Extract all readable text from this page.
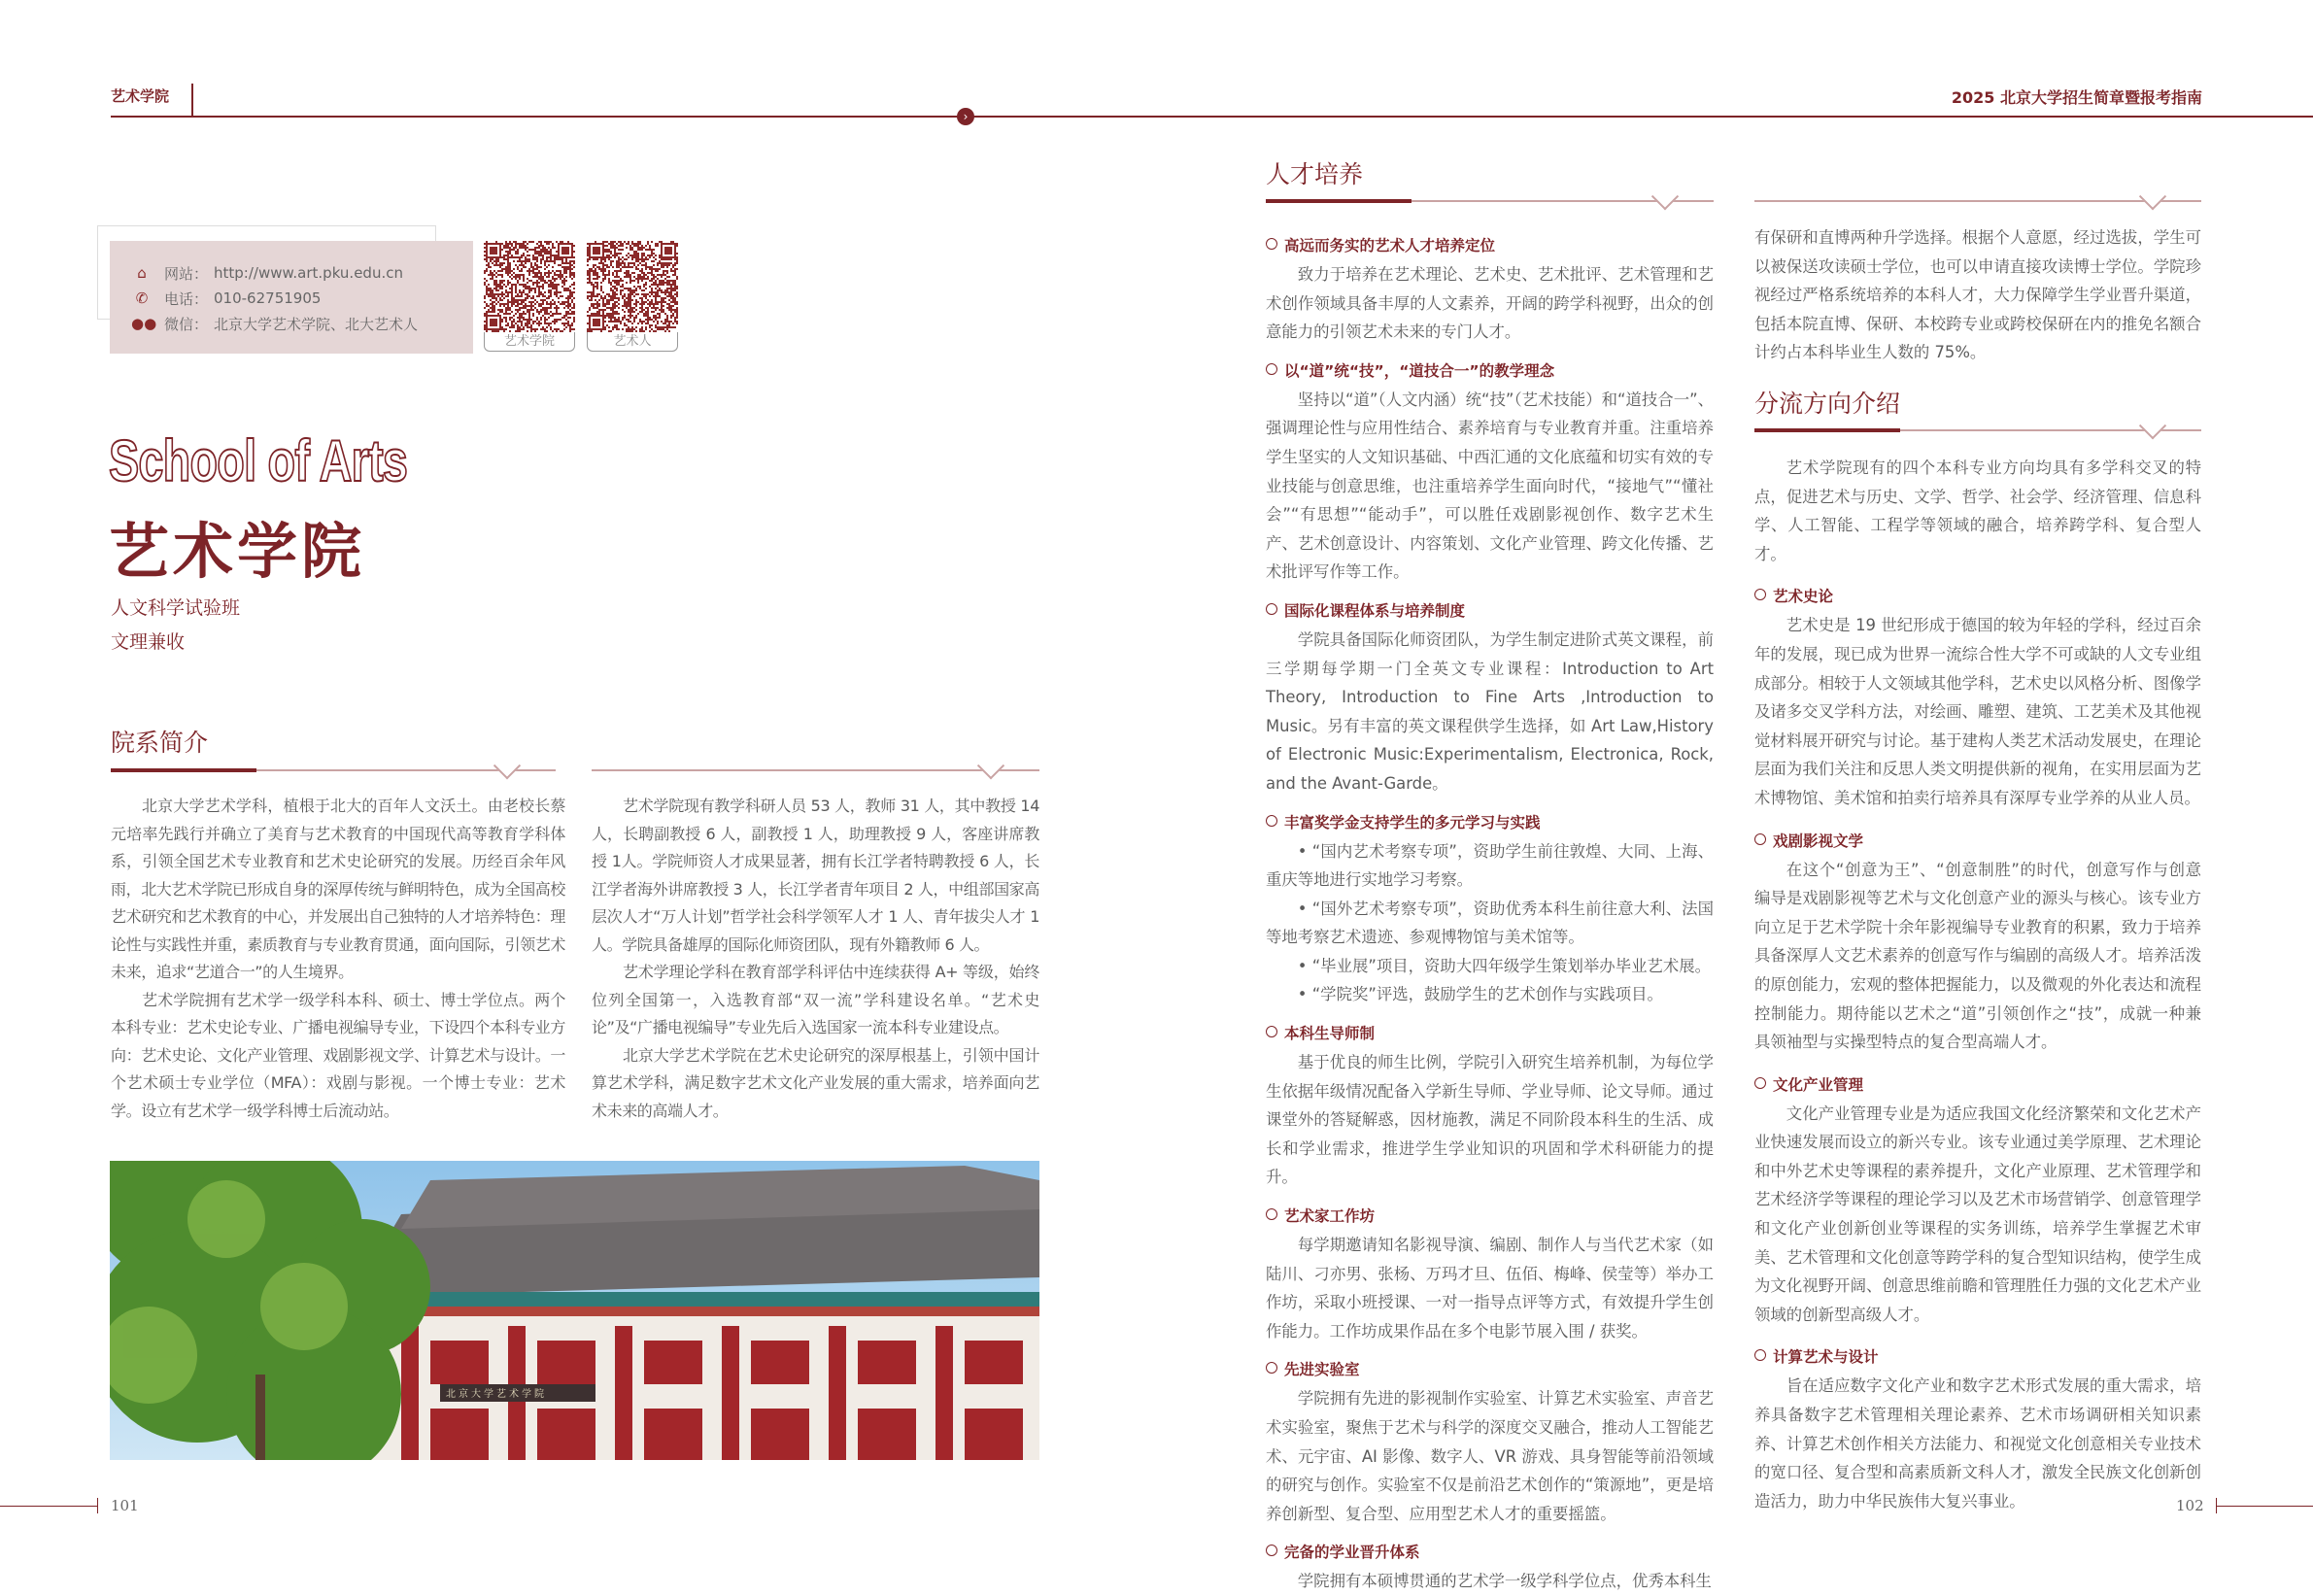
艺术学院
›
2025 北京大学招生简章暨报考指南
⌂	网站： http://www.art.pku.edu.cn
✆	电话： 010-62751905
●● 微信： 北京大学艺术学院、北大艺术人
艺术学院	艺术人
School of Arts
艺术学院
人文科学试验班
文理兼收
院系简介

北京大学艺术学科，植根于北大的百年人文沃土。由老校长蔡元培率先践行并确立了美育与艺术教育的中国现代高等教育学科体系，引领全国艺术专业教育和艺术史论研究的发展。历经百余年风雨，北大艺术学院已形成自身的深厚传统与鲜明特色，成为全国高校艺术研究和艺术教育的中心，并发展出自己独特的人才培养特色：理论性与实践性并重，素质教育与专业教育贯通，面向国际，引领艺术未来，追求“艺道合一”的人生境界。

艺术学院拥有艺术学一级学科本科、硕士、博士学位点。两个本科专业：艺术史论专业、广播电视编导专业，下设四个本科专业方向：艺术史论、文化产业管理、戏剧影视文学、计算艺术与设计。一个艺术硕士专业学位（MFA）：戏剧与影视。一个博士专业：艺术学。设立有艺术学一级学科博士后流动站。

艺术学院现有教学科研人员 53 人，教师 31 人，其中教授 14 人，长聘副教授 6 人，副教授 1 人，助理教授 9 人，客座讲席教授 1人。学院师资人才成果显著，拥有长江学者特聘教授 6 人，长江学者海外讲席教授 3 人，长江学者青年项目 2 人，中组部国家高层次人才“万人计划”哲学社会科学领军人才 1 人、青年拔尖人才 1 人。学院具备雄厚的国际化师资团队，现有外籍教师 6 人。

艺术学理论学科在教育部学科评估中连续获得 A+ 等级，始终位列全国第一，入选教育部“双一流”学科建设名单。“艺术史论”及“广播电视编导”专业先后入选国家一流本科专业建设点。

北京大学艺术学院在艺术史论研究的深厚根基上，引领中国计算艺术学科，满足数字艺术文化产业发展的重大需求，培养面向艺术未来的高端人才。

北京大学艺术学院
人才培养
高远而务实的艺术人才培养定位

致力于培养在艺术理论、艺术史、艺术批评、艺术管理和艺术创作领域具备丰厚的人文素养，开阔的跨学科视野，出众的创意能力的引领艺术未来的专门人才。

以“道”统“技”，“道技合一”的教学理念

坚持以“道”（人文内涵）统“技”（艺术技能）和“道技合一”、强调理论性与应用性结合、素养培育与专业教育并重。注重培养学生坚实的人文知识基础、中西汇通的文化底蕴和切实有效的专业技能与创意思维，也注重培养学生面向时代，“接地气”“懂社会”“有思想”“能动手”，可以胜任戏剧影视创作、数字艺术生产、艺术创意设计、内容策划、文化产业管理、跨文化传播、艺术批评写作等工作。

国际化课程体系与培养制度

学院具备国际化师资团队，为学生制定进阶式英文课程，前三学期每学期一门全英文专业课程：Introduction to Art Theory, Introduction to Fine Arts ,Introduction to Music。另有丰富的英文课程供学生选择，如 Art Law,History of Electronic Music:Experimentalism, Electronica, Rock, and the Avant-Garde。

丰富奖学金支持学生的多元学习与实践

• “国内艺术考察专项”，资助学生前往敦煌、大同、上海、重庆等地进行实地学习考察。

• “国外艺术考察专项”，资助优秀本科生前往意大利、法国等地考察艺术遗迹、参观博物馆与美术馆等。

• “毕业展”项目，资助大四年级学生策划举办毕业艺术展。

• “学院奖”评选，鼓励学生的艺术创作与实践项目。

本科生导师制

基于优良的师生比例，学院引入研究生培养机制，为每位学生依据年级情况配备入学新生导师、学业导师、论文导师。通过课堂外的答疑解惑，因材施教，满足不同阶段本科生的生活、成长和学业需求，推进学生学业知识的巩固和学术科研能力的提升。

艺术家工作坊

每学期邀请知名影视导演、编剧、制作人与当代艺术家（如陆川、刁亦男、张杨、万玛才旦、伍佰、梅峰、侯莹等）举办工作坊，采取小班授课、一对一指导点评等方式，有效提升学生创作能力。工作坊成果作品在多个电影节展入围 / 获奖。

先进实验室

学院拥有先进的影视制作实验室、计算艺术实验室、声音艺术实验室，聚焦于艺术与科学的深度交叉融合，推动人工智能艺术、元宇宙、AI 影像、数字人、VR 游戏、具身智能等前沿领域的研究与创作。实验室不仅是前沿艺术创作的“策源地”，更是培养创新型、复合型、应用型艺术人才的重要摇篮。

完备的学业晋升体系

学院拥有本硕博贯通的艺术学一级学科学位点，优秀本科生

有保研和直博两种升学选择。根据个人意愿，经过选拔，学生可以被保送攻读硕士学位，也可以申请直接攻读博士学位。学院珍视经过严格系统培养的本科人才，大力保障学生学业晋升渠道，包括本院直博、保研、本校跨专业或跨校保研在内的推免名额合计约占本科毕业生人数的 75%。

分流方向介绍

艺术学院现有的四个本科专业方向均具有多学科交叉的特点，促进艺术与历史、文学、哲学、社会学、经济管理、信息科学、人工智能、工程学等领域的融合，培养跨学科、复合型人才。

艺术史论

艺术史是 19 世纪形成于德国的较为年轻的学科，经过百余年的发展，现已成为世界一流综合性大学不可或缺的人文专业组成部分。相较于人文领域其他学科，艺术史以风格分析、图像学及诸多交叉学科方法，对绘画、雕塑、建筑、工艺美术及其他视觉材料展开研究与讨论。基于建构人类艺术活动发展史，在理论层面为我们关注和反思人类文明提供新的视角，在实用层面为艺术博物馆、美术馆和拍卖行培养具有深厚专业学养的从业人员。

戏剧影视文学

在这个“创意为王”、“创意制胜”的时代，创意写作与创意编导是戏剧影视等艺术与文化创意产业的源头与核心。该专业方向立足于艺术学院十余年影视编导专业教育的积累，致力于培养具备深厚人文艺术素养的创意写作与编剧的高级人才。培养活泼的原创能力，宏观的整体把握能力，以及微观的外化表达和流程控制能力。期待能以艺术之“道”引领创作之“技”，成就一种兼具领袖型与实操型特点的复合型高端人才。

文化产业管理

文化产业管理专业是为适应我国文化经济繁荣和文化艺术产业快速发展而设立的新兴专业。该专业通过美学原理、艺术理论和中外艺术史等课程的素养提升，文化产业原理、艺术管理学和艺术经济学等课程的理论学习以及艺术市场营销学、创意管理学和文化产业创新创业等课程的实务训练，培养学生掌握艺术审美、艺术管理和文化创意等跨学科的复合型知识结构，使学生成为文化视野开阔、创意思维前瞻和管理胜任力强的文化艺术产业领域的创新型高级人才。

计算艺术与设计

旨在适应数字文化产业和数字艺术形式发展的重大需求，培养具备数字艺术管理相关理论素养、艺术市场调研相关知识素养、计算艺术创作相关方法能力、和视觉文化创意相关专业技术的宽口径、复合型和高素质新文科人才，激发全民族文化创新创造活力，助力中华民族伟大复兴事业。

101	102
